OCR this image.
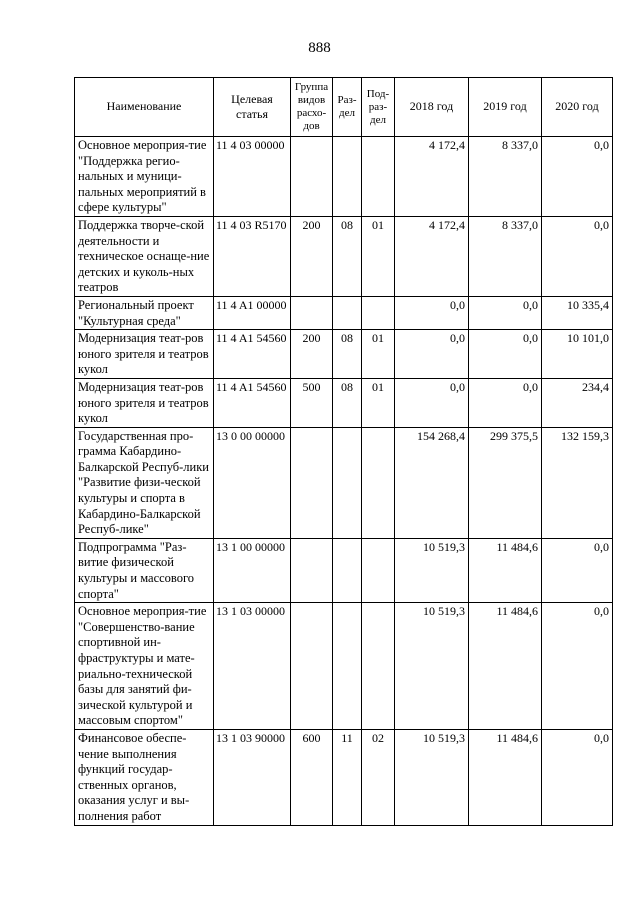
888
Наименование	Целевая статья	Группа видов расхо-дов	Раз-дел	Под-раз-дел	2018 год	2019 год	2020 год
Основное мероприя-тие "Поддержка регио-нальных и муници-пальных мероприятий в сфере культуры"	11 4 03 00000				4 172,4	8 337,0	0,0
Поддержка творче-ской деятельности и техническое оснаще-ние детских и куколь-ных театров	11 4 03 R5170	200	08	01	4 172,4	8 337,0	0,0
Региональный проект "Культурная среда"	11 4 A1 00000				0,0	0,0	10 335,4
Модернизация теат-ров юного зрителя и театров кукол	11 4 A1 54560	200	08	01	0,0	0,0	10 101,0
Модернизация теат-ров юного зрителя и театров кукол	11 4 A1 54560	500	08	01	0,0	0,0	234,4
Государственная про-грамма Кабардино-Балкарской Респуб-лики "Развитие физи-ческой культуры и спорта в Кабардино-Балкарской Респуб-лике"	13 0 00 00000				154 268,4	299 375,5	132 159,3
Подпрограмма "Раз-витие физической культуры и массового спорта"	13 1 00 00000				10 519,3	11 484,6	0,0
Основное мероприя-тие "Совершенство-вание спортивной ин-фраструктуры и мате-риально-технической базы для занятий фи-зической культурой и массовым спортом"	13 1 03 00000				10 519,3	11 484,6	0,0
Финансовое обеспе-чение выполнения функций государ-ственных органов, оказания услуг и вы-полнения работ	13 1 03 90000	600	11	02	10 519,3	11 484,6	0,0
